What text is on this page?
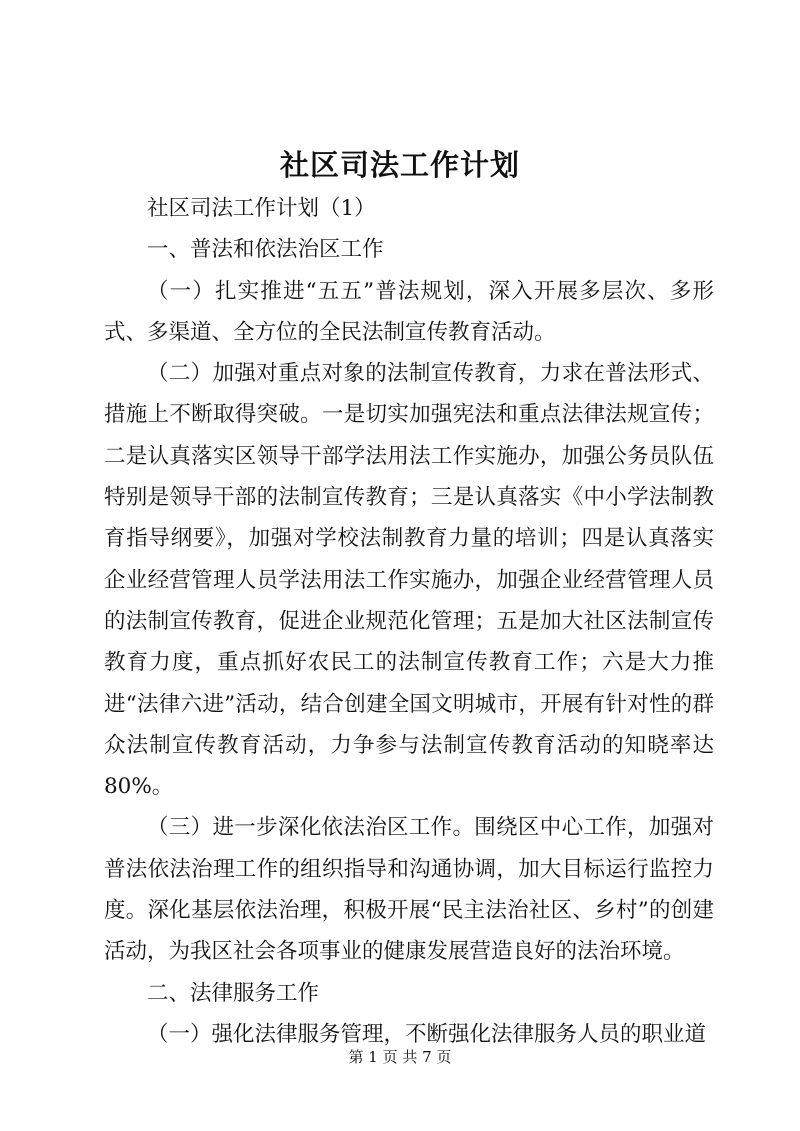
社区司法工作计划

社区司法工作计划（1）

一、普法和依法治区工作

（一）扎实推进“五五”普法规划，深入开展多层次、多形式、多渠道、全方位的全民法制宣传教育活动。

（二）加强对重点对象的法制宣传教育，力求在普法形式、措施上不断取得突破。一是切实加强宪法和重点法律法规宣传；二是认真落实区领导干部学法用法工作实施办，加强公务员队伍特别是领导干部的法制宣传教育；三是认真落实《中小学法制教育指导纲要》，加强对学校法制教育力量的培训；四是认真落实企业经营管理人员学法用法工作实施办，加强企业经营管理人员的法制宣传教育，促进企业规范化管理；五是加大社区法制宣传教育力度，重点抓好农民工的法制宣传教育工作；六是大力推进“法律六进”活动，结合创建全国文明城市，开展有针对性的群众法制宣传教育活动，力争参与法制宣传教育活动的知晓率达80%。

（三）进一步深化依法治区工作。围绕区中心工作，加强对普法依法治理工作的组织指导和沟通协调，加大目标运行监控力度。深化基层依法治理，积极开展“民主法治社区、乡村”的创建活动，为我区社会各项事业的健康发展营造良好的法治环境。

二、法律服务工作

（一）强化法律服务管理，不断强化法律服务人员的职业道

第 1 页 共 7 页
